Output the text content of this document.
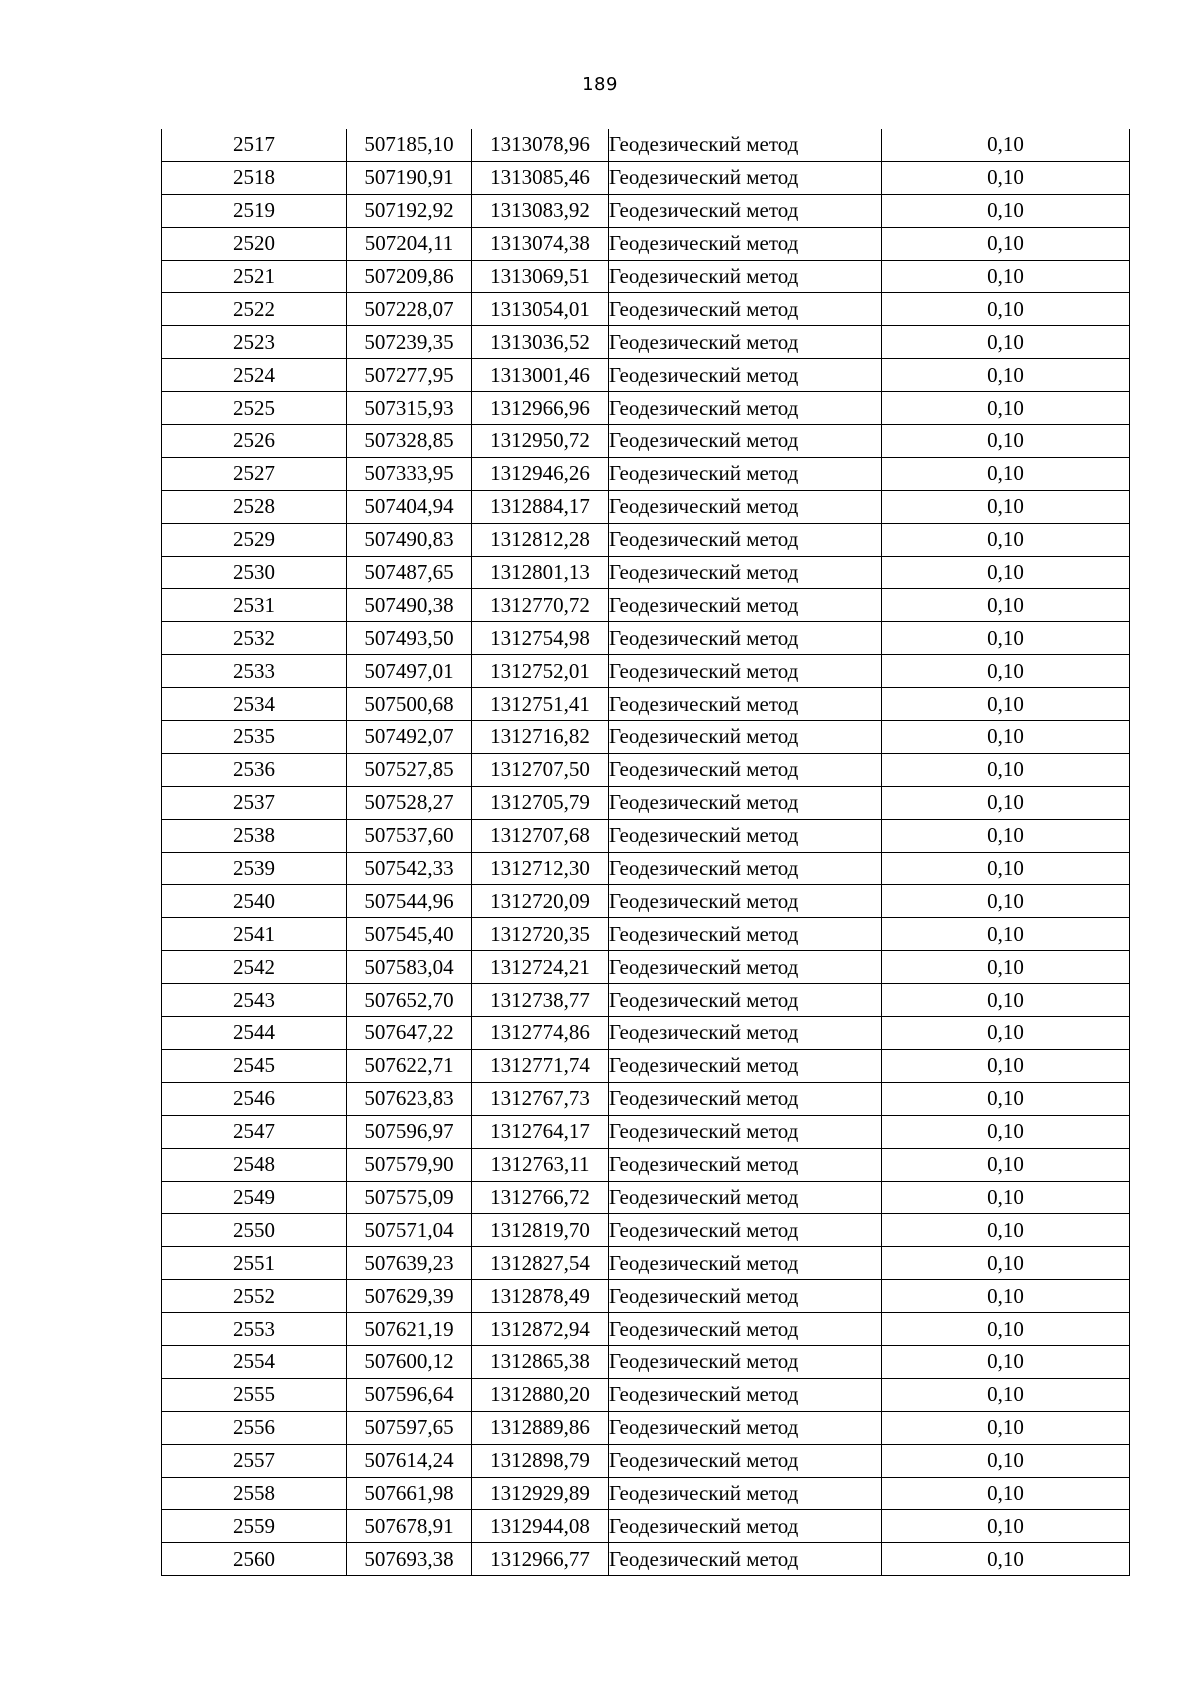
189
2517	507185,10	1313078,96	Геодезический метод	0,10
2518	507190,91	1313085,46	Геодезический метод	0,10
2519	507192,92	1313083,92	Геодезический метод	0,10
2520	507204,11	1313074,38	Геодезический метод	0,10
2521	507209,86	1313069,51	Геодезический метод	0,10
2522	507228,07	1313054,01	Геодезический метод	0,10
2523	507239,35	1313036,52	Геодезический метод	0,10
2524	507277,95	1313001,46	Геодезический метод	0,10
2525	507315,93	1312966,96	Геодезический метод	0,10
2526	507328,85	1312950,72	Геодезический метод	0,10
2527	507333,95	1312946,26	Геодезический метод	0,10
2528	507404,94	1312884,17	Геодезический метод	0,10
2529	507490,83	1312812,28	Геодезический метод	0,10
2530	507487,65	1312801,13	Геодезический метод	0,10
2531	507490,38	1312770,72	Геодезический метод	0,10
2532	507493,50	1312754,98	Геодезический метод	0,10
2533	507497,01	1312752,01	Геодезический метод	0,10
2534	507500,68	1312751,41	Геодезический метод	0,10
2535	507492,07	1312716,82	Геодезический метод	0,10
2536	507527,85	1312707,50	Геодезический метод	0,10
2537	507528,27	1312705,79	Геодезический метод	0,10
2538	507537,60	1312707,68	Геодезический метод	0,10
2539	507542,33	1312712,30	Геодезический метод	0,10
2540	507544,96	1312720,09	Геодезический метод	0,10
2541	507545,40	1312720,35	Геодезический метод	0,10
2542	507583,04	1312724,21	Геодезический метод	0,10
2543	507652,70	1312738,77	Геодезический метод	0,10
2544	507647,22	1312774,86	Геодезический метод	0,10
2545	507622,71	1312771,74	Геодезический метод	0,10
2546	507623,83	1312767,73	Геодезический метод	0,10
2547	507596,97	1312764,17	Геодезический метод	0,10
2548	507579,90	1312763,11	Геодезический метод	0,10
2549	507575,09	1312766,72	Геодезический метод	0,10
2550	507571,04	1312819,70	Геодезический метод	0,10
2551	507639,23	1312827,54	Геодезический метод	0,10
2552	507629,39	1312878,49	Геодезический метод	0,10
2553	507621,19	1312872,94	Геодезический метод	0,10
2554	507600,12	1312865,38	Геодезический метод	0,10
2555	507596,64	1312880,20	Геодезический метод	0,10
2556	507597,65	1312889,86	Геодезический метод	0,10
2557	507614,24	1312898,79	Геодезический метод	0,10
2558	507661,98	1312929,89	Геодезический метод	0,10
2559	507678,91	1312944,08	Геодезический метод	0,10
2560	507693,38	1312966,77	Геодезический метод	0,10
